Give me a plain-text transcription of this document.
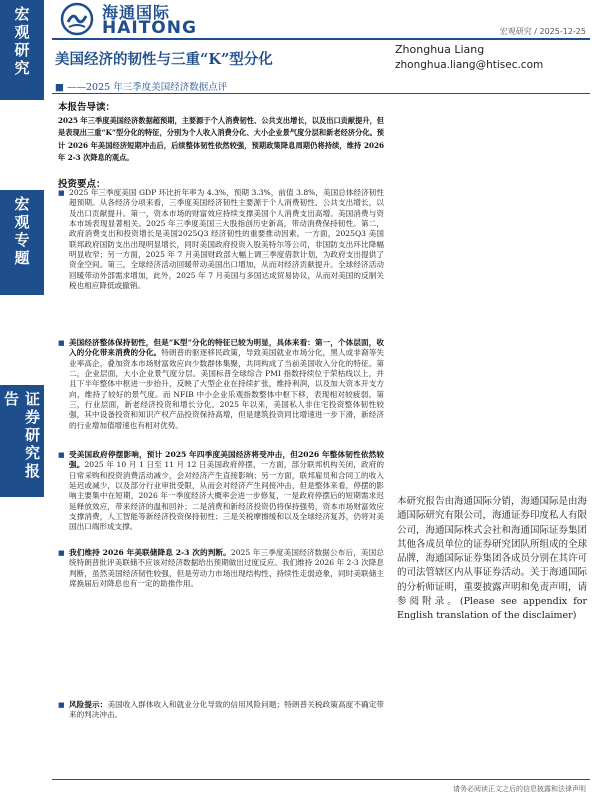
宏观研究
宏观专题
证券研究报告
海通国际
HAITONG	宏观研究 / 2025-12-25
美国经济的韧性与三重“K”型分化
■ ——2025 年三季度美国经济数据点评
Zhonghua Liang
zhonghua.liang@htisec.com
本报告导读：
2025 年三季度美国经济数据超预期，主要源于个人消费韧性、公共支出增长，以及出口贡献提升，但是表现出三重“K”型分化的特征，分别为个人收入消费分化、大小企业景气度分层和新老经济分化。预计 2026 年美国经济短期冲击后，后续整体韧性依然较强，预期政策降息周期仍将持续，维持 2026 年 2-3 次降息的观点。
投资要点：
■ 2025 年三季度美国 GDP 环比折年率为 4.3%，预期 3.3%，前值 3.8%，美国总体经济韧性超预期。从各经济分项来看，三季度美国经济韧性主要源于个人消费韧性、公共支出增长，以及出口贡献提升。第一，资本市场的财富效应持续支撑美国个人消费支出高增。美国消费与资本市场表现显著相关。2025 年三季度美国三大股指创历史新高，带动消费保持韧性。第二，政府消费支出和投资增长是美国2025Q3 经济韧性的重要推动因素。一方面，2025Q3 美国联邦政府国防支出出现明显增长，同时美国政府投资入股美特尔等公司，非国防支出环比降幅明显收窄；另一方面，2025 年 7 月美国财政部大幅上调三季度借款计划，为政府支出提供了资金空间。第三，全球经济活动回暖带动美国出口增加，从而对经济贡献提升。全球经济活动回暖带动外部需求增加，此外，2025 年 7 月美国与多国达成贸易协议，从而对美国的反制关税也相应降低或撤销。
■ 美国经济整体保持韧性，但是“K型”分化的特征已较为明显，具体来看：第一，个体层面，收入的分化带来消费的分化。特朗普的驱逐移民政策，导致美国就业市场分化，黑人或非裔等失业率高企，叠加资本市场财富效应向少数群体集聚，共同构成了当前美国收入分化的特征。第二，企业层面，大小企业景气度分层。美国标普全球综合 PMI 指数持续位于荣枯线以上，并且下半年整体中枢进一步抬升，反映了大型企业在持续扩张，维持利润，以及加大资本开支方向，维持了较好的景气度。而 NFIB 中小企业乐观指数整体中枢下移，表现相对较疲弱。第三，行业层面，新老经济投资和增长分化。2025 年以来，美国私人非住宅投资整体韧性较强，其中设备投资和知识产权产品投资保持高增，但是建筑投资同比增速进一步下滑，新经济的行业增加值增速也有相对优势。
■ 受美国政府停摆影响，预计 2025 年四季度美国经济将受冲击，但2026 年整体韧性依然较强。2025 年 10 月 1 日至 11 月 12 日美国政府停摆，一方面，部分联邦机构关闭，政府的日常采购和投资消费活动减少，会对经济产生直接影响；另一方面，联邦雇员和合同工的收入延迟或减少，以及部分行业审批受限，从而会对经济产生间接冲击，但是整体来看，停摆的影响主要集中在短期，2026 年一季度经济大概率会进一步修复，一是政府停摆后的短期需求迟延释放效应，带来经济的温和回补；二是消费和新经济投资仍将保持强势，资本市场财富效应支撑消费，人工智能等新经济投资保持韧性；三是关税摩擦缓和以及全球经济复苏，仍将对美国出口端形成支撑。
■ 我们维持 2026 年美联储降息 2-3 次的判断。2025 年三季度美国经济数据公布后，美国总统特朗普批评美联储不应该对经济数据给出预期做出过度反应。我们维持 2026 年 2-3 次降息判断，虽然美国经济韧性较强，但是劳动力市场出现结构性、持续性走弱迹象，同时美联储主席换届后对降息也有一定的助推作用。
■ 风险提示：美国收入群体收入和就业分化导致的信用风险问题；特朗普关税政策高度不确定带来的判决冲击。
本研究报告由海通国际分销，海通国际是由海通国际研究有限公司，海通证券印度私人有限公司，海通国际株式会社和海通国际证券集团其他各成员单位的证券研究团队所组成的全球品牌，海通国际证券集团各成员分别在其许可的司法管辖区内从事证券活动。关于海通国际的分析师证明，重要披露声明和免责声明，请参阅附录。(Please see appendix for English translation of the disclaimer)
请务必阅读正文之后的信息披露和法律声明
